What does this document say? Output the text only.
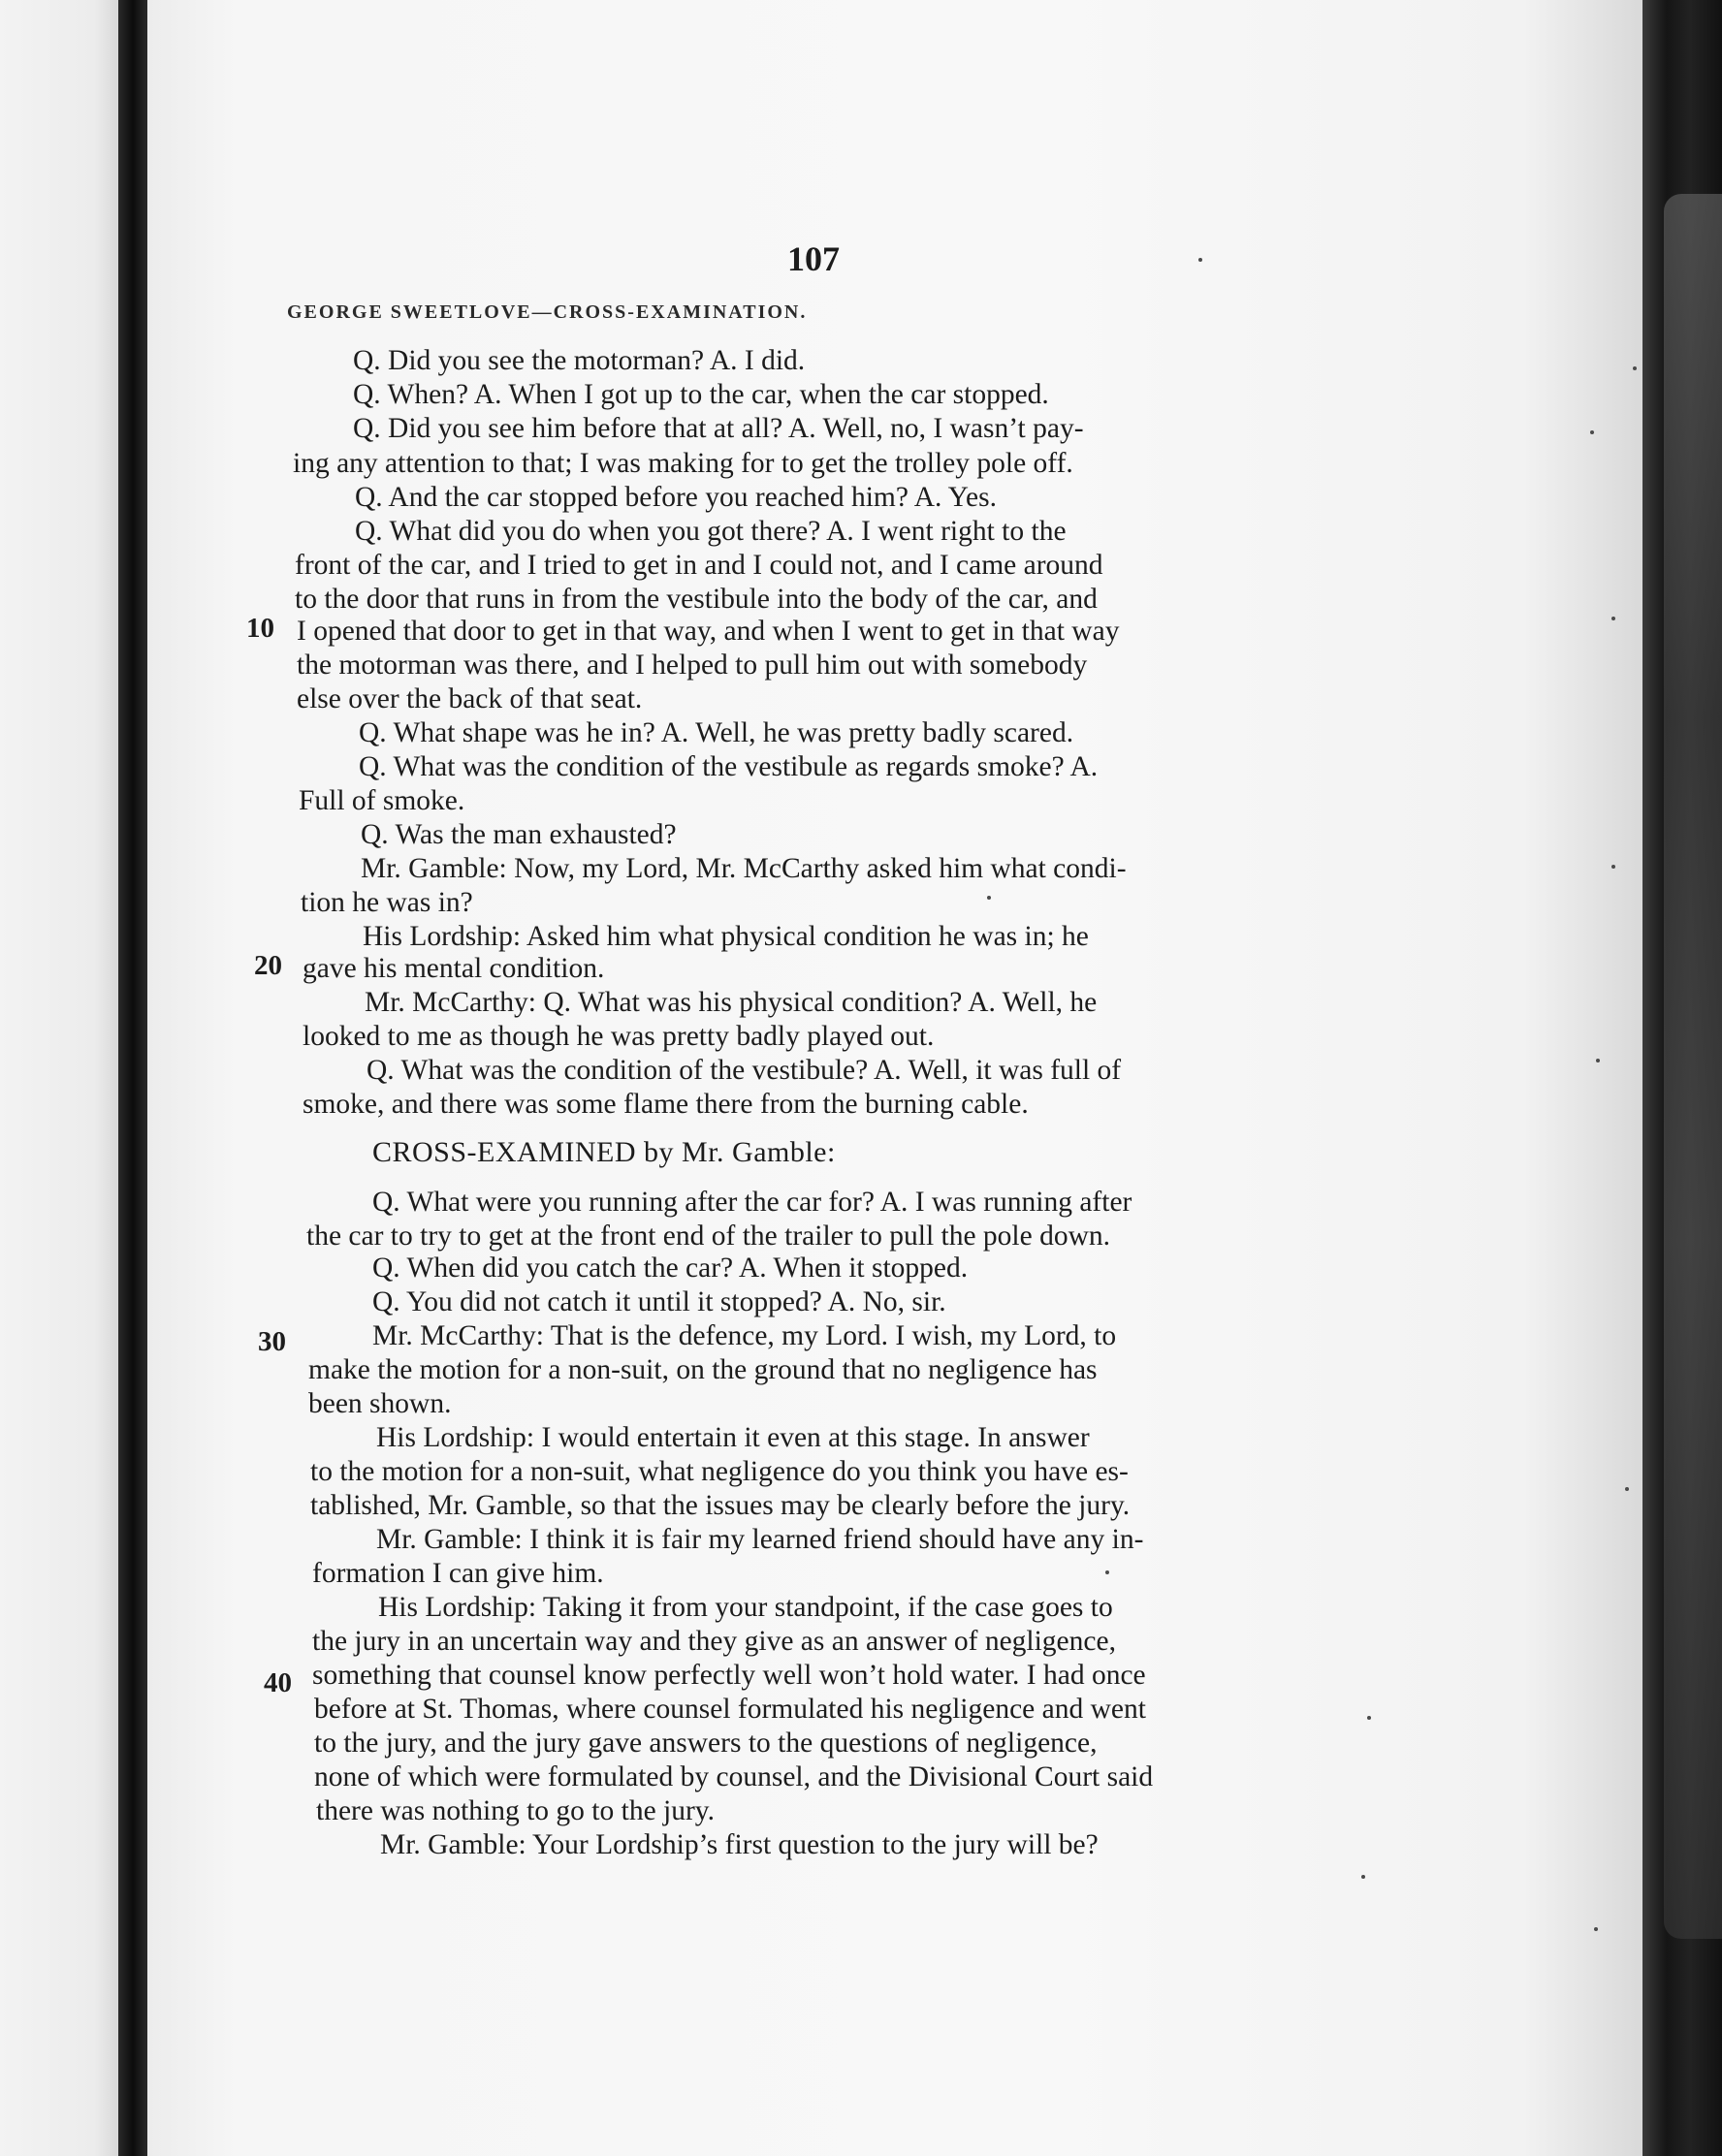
107
GEORGE SWEETLOVE—CROSS-EXAMINATION.
10
20
30
40
Q. Did you see the motorman? A. I did.
Q. When? A. When I got up to the car, when the car stopped.
Q. Did you see him before that at all? A. Well, no, I wasn’t pay-
ing any attention to that; I was making for to get the trolley pole off.
Q. And the car stopped before you reached him? A. Yes.
Q. What did you do when you got there? A. I went right to the
front of the car, and I tried to get in and I could not, and I came around
to the door that runs in from the vestibule into the body of the car, and
I opened that door to get in that way, and when I went to get in that way
the motorman was there, and I helped to pull him out with somebody
else over the back of that seat.
Q. What shape was he in? A. Well, he was pretty badly scared.
Q. What was the condition of the vestibule as regards smoke? A.
Full of smoke.
Q. Was the man exhausted?
Mr. Gamble: Now, my Lord, Mr. McCarthy asked him what condi-
tion he was in?
His Lordship: Asked him what physical condition he was in; he
gave his mental condition.
Mr. McCarthy: Q. What was his physical condition? A. Well, he
looked to me as though he was pretty badly played out.
Q. What was the condition of the vestibule? A. Well, it was full of
smoke, and there was some flame there from the burning cable.
CROSS-EXAMINED by Mr. Gamble:
Q. What were you running after the car for? A. I was running after
the car to try to get at the front end of the trailer to pull the pole down.
Q. When did you catch the car? A. When it stopped.
Q. You did not catch it until it stopped? A. No, sir.
Mr. McCarthy: That is the defence, my Lord. I wish, my Lord, to
make the motion for a non-suit, on the ground that no negligence has
been shown.
His Lordship: I would entertain it even at this stage. In answer
to the motion for a non-suit, what negligence do you think you have es-
tablished, Mr. Gamble, so that the issues may be clearly before the jury.
Mr. Gamble: I think it is fair my learned friend should have any in-
formation I can give him.
His Lordship: Taking it from your standpoint, if the case goes to
the jury in an uncertain way and they give as an answer of negligence,
something that counsel know perfectly well won’t hold water. I had once
before at St. Thomas, where counsel formulated his negligence and went
to the jury, and the jury gave answers to the questions of negligence,
none of which were formulated by counsel, and the Divisional Court said
there was nothing to go to the jury.
Mr. Gamble: Your Lordship’s first question to the jury will be?
